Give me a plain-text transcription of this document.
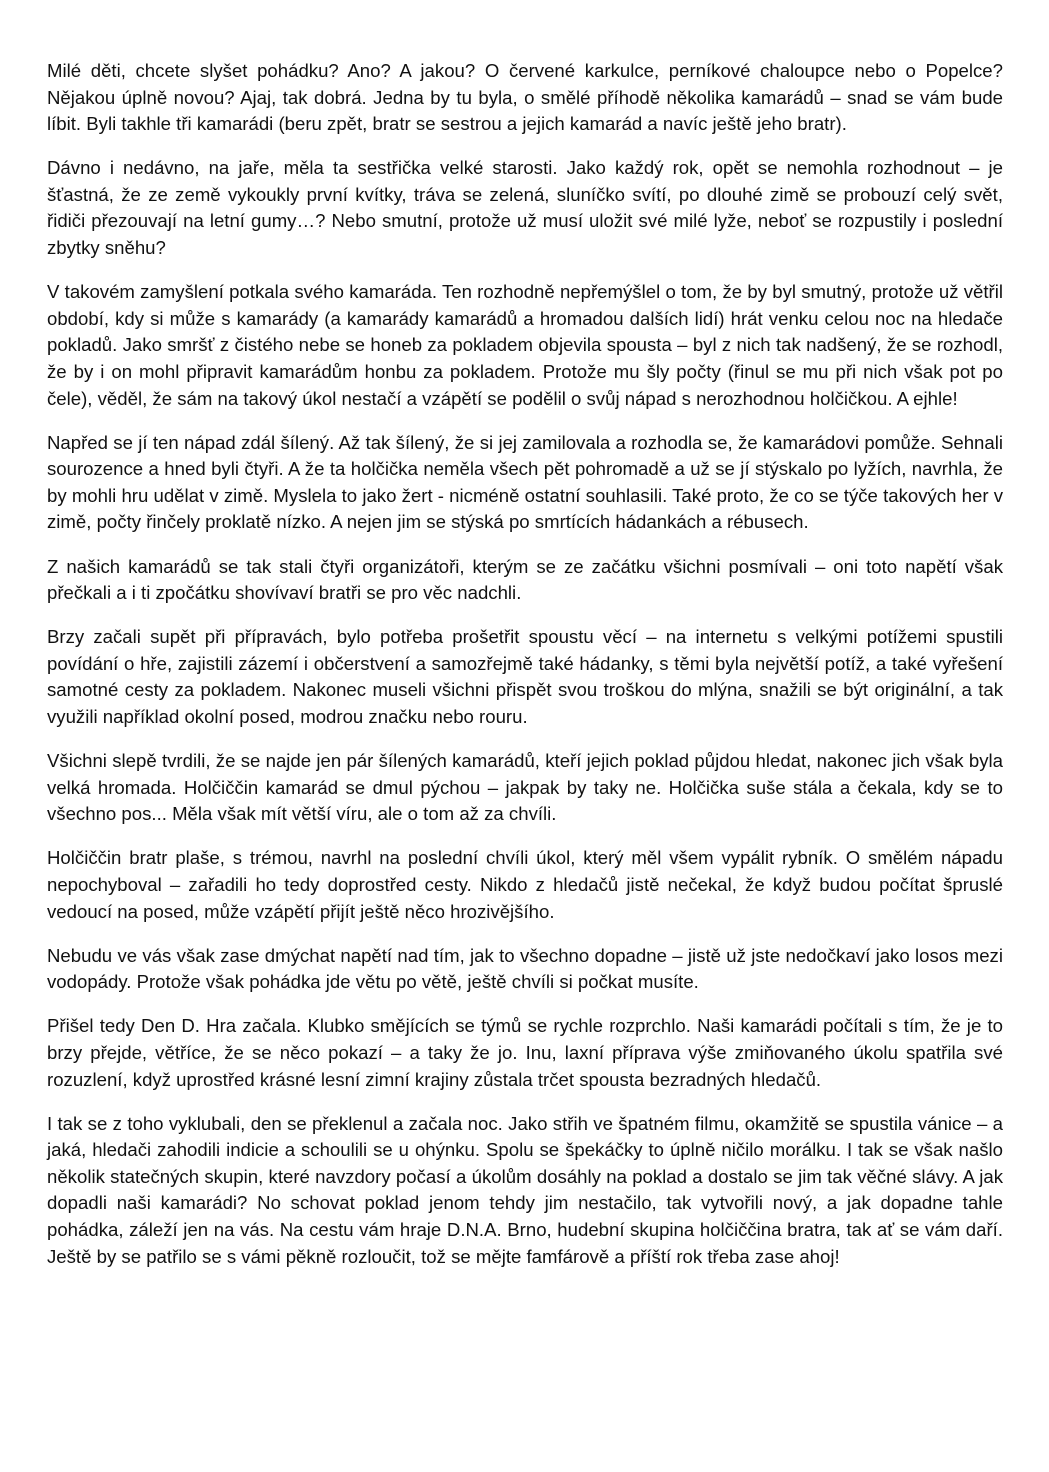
Milé děti, chcete slyšet pohádku? Ano? A jakou? O červené karkulce, perníkové chaloupce nebo o Popelce? Nějakou úplně novou? Ajaj, tak dobrá. Jedna by tu byla, o smělé příhodě několika kamarádů – snad se vám bude líbit. Byli takhle tři kamarádi (beru zpět, bratr se sestrou a jejich kamarád a navíc ještě jeho bratr).

Dávno i nedávno, na jaře, měla ta sestřička velké starosti. Jako každý rok, opět se nemohla rozhodnout – je šťastná, že ze země vykoukly první kvítky, tráva se zelená, sluníčko svítí, po dlouhé zimě se probouzí celý svět, řidiči přezouvají na letní gumy…? Nebo smutní, protože už musí uložit své milé lyže, neboť se rozpustily i poslední zbytky sněhu?

V takovém zamyšlení potkala svého kamaráda. Ten rozhodně nepřemýšlel o tom, že by byl smutný, protože už větřil období, kdy si může s kamarády (a kamarády kamarádů a hromadou dalších lidí) hrát venku celou noc na hledače pokladů. Jako smršť z čistého nebe se honeb za pokladem objevila spousta – byl z nich tak nadšený, že se rozhodl, že by i on mohl připravit kamarádům honbu za pokladem. Protože mu šly počty (řinul se mu při nich však pot po čele), věděl, že sám na takový úkol nestačí a vzápětí se podělil o svůj nápad s nerozhodnou holčičkou. A ejhle!

Napřed se jí ten nápad zdál šílený. Až tak šílený, že si jej zamilovala a rozhodla se, že kamarádovi pomůže. Sehnali sourozence a hned byli čtyři. A že ta holčička neměla všech pět pohromadě a už se jí stýskalo po lyžích, navrhla, že by mohli hru udělat v zimě. Myslela to jako žert - nicméně ostatní souhlasili. Také proto, že co se týče takových her v zimě, počty řinčely proklatě nízko. A nejen jim se stýská po smrtících hádankách a rébusech.

Z našich kamarádů se tak stali čtyři organizátoři, kterým se ze začátku všichni posmívali – oni toto napětí však přečkali a i ti zpočátku shovívaví bratři se pro věc nadchli.

Brzy začali supět při přípravách, bylo potřeba prošetřit spoustu věcí – na internetu s velkými potížemi spustili povídání o hře, zajistili zázemí i občerstvení a samozřejmě také hádanky, s těmi byla největší potíž, a také vyřešení samotné cesty za pokladem. Nakonec museli všichni přispět svou troškou do mlýna, snažili se být originální, a tak využili například okolní posed, modrou značku nebo rouru.

Všichni slepě tvrdili, že se najde jen pár šílených kamarádů, kteří jejich poklad půjdou hledat, nakonec jich však byla velká hromada. Holčiččin kamarád se dmul pýchou – jakpak by taky ne. Holčička suše stála a čekala, kdy se to všechno pos... Měla však mít větší víru, ale o tom až za chvíli.

Holčiččin bratr plaše, s trémou, navrhl na poslední chvíli úkol, který měl všem vypálit rybník. O smělém nápadu nepochyboval – zařadili ho tedy doprostřed cesty. Nikdo z hledačů jistě nečekal, že když budou počítat špruslé vedoucí na posed, může vzápětí přijít ještě něco hrozivějšího.

Nebudu ve vás však zase dmýchat napětí nad tím, jak to všechno dopadne – jistě už jste nedočkaví jako losos mezi vodopády. Protože však pohádka jde větu po větě, ještě chvíli si počkat musíte.

Přišel tedy Den D. Hra začala. Klubko smějících se týmů se rychle rozprchlo. Naši kamarádi počítali s tím, že je to brzy přejde, větříce, že se něco pokazí – a taky že jo. Inu, laxní příprava výše zmiňovaného úkolu spatřila své rozuzlení, když uprostřed krásné lesní zimní krajiny zůstala trčet spousta bezradných hledačů.

I tak se z toho vyklubali, den se překlenul a začala noc. Jako střih ve špatném filmu, okamžitě se spustila vánice – a jaká, hledači zahodili indicie a schoulili se u ohýnku. Spolu se špekáčky to úplně ničilo morálku. I tak se však našlo několik statečných skupin, které navzdory počasí a úkolům dosáhly na poklad a dostalo se jim tak věčné slávy. A jak dopadli naši kamarádi? No schovat poklad jenom tehdy jim nestačilo, tak vytvořili nový, a jak dopadne tahle pohádka, záleží jen na vás. Na cestu vám hraje D.N.A. Brno, hudební skupina holčiččina bratra, tak ať se vám daří. Ještě by se patřilo se s vámi pěkně rozloučit, tož se mějte famfárově a příští rok třeba zase ahoj!
